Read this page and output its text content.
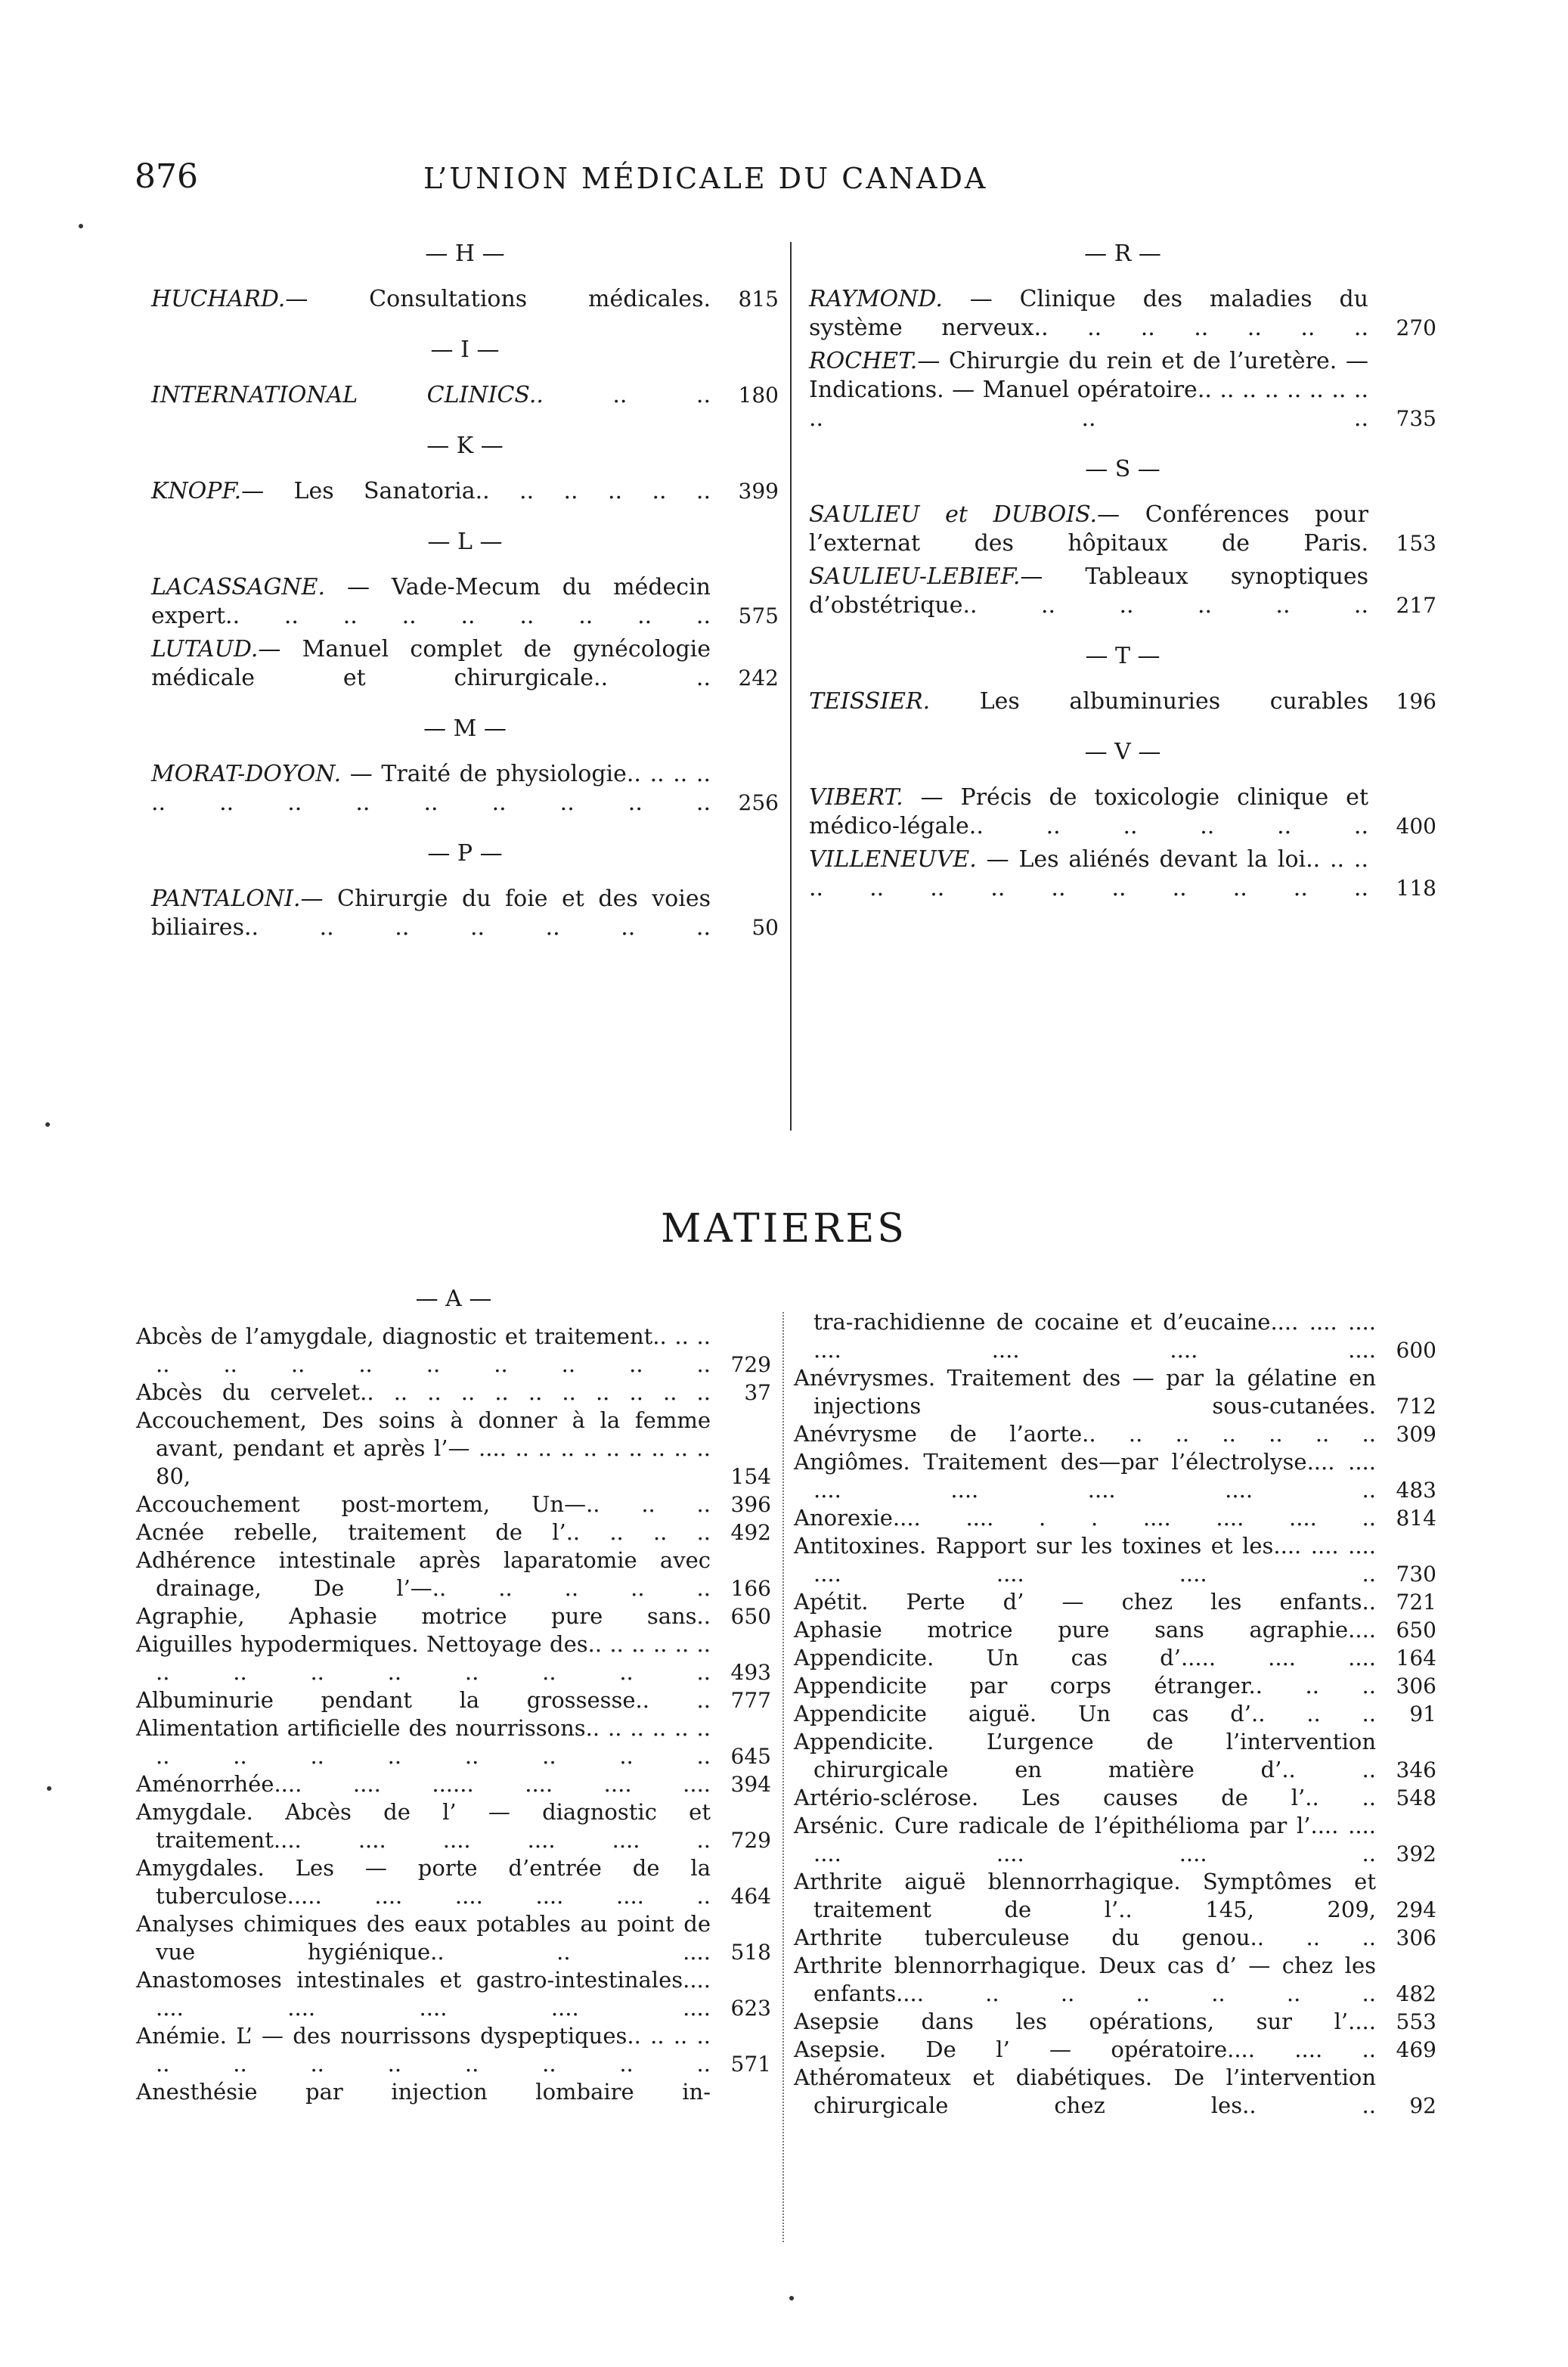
876	L’UNION MÉDICALE DU CANADA
— H —
HUCHARD.— Consultations médicales.	815
— I —
INTERNATIONAL CLINICS.. .. ..	180
— K —
KNOPF.— Les Sanatoria.. .. .. .. .. ..	399
— L —
LACASSAGNE. — Vade-Mecum du médecin expert.. .. .. .. .. .. .. .. ..	575
LUTAUD.— Manuel complet de gynécologie médicale et chirurgicale.. ..	242
— M —
MORAT-DOYON. — Traité de physiologie.. .. .. .. .. .. .. .. .. .. .. .. ..	256
— P —
PANTALONI.— Chirurgie du foie et des voies biliaires.. .. .. .. .. .. ..	50
— R —
RAYMOND. — Clinique des maladies du système nerveux.. .. .. .. .. .. ..	270
ROCHET.— Chirurgie du rein et de l’uretère. — Indications. — Manuel opératoire.. .. .. .. .. .. .. .. .. .. ..	735
— S —
SAULIEU et DUBOIS.— Conférences pour l’externat des hôpitaux de Paris.	153
SAULIEU-LEBIEF.— Tableaux synoptiques d’obstétrique.. .. .. .. .. ..	217
— T —
TEISSIER. Les albuminuries curables	196
— V —
VIBERT. — Précis de toxicologie clinique et médico-légale.. .. .. .. .. ..	400
VILLENEUVE. — Les aliénés devant la loi.. .. .. .. .. .. .. .. .. .. .. .. ..	118
MATIERES
— A —
Abcès de l’amygdale, diagnostic et traitement.. .. .. .. .. .. .. .. .. .. .. .. 729
Abcès du cervelet.. .. .. .. .. .. .. .. .. .. ..	37
Accouchement, Des soins à donner à la femme avant, pendant et après l’— .... .. .. .. .. .. .. .. .. .. 80,	154
Accouchement post-mortem, Un—.. .. .. 396
Acnée rebelle, traitement de l’.. .. .. .. 492
Adhérence intestinale après laparatomie avec drainage, De l’—.. .. .. .. .. 166
Agraphie, Aphasie motrice pure sans.. 650
Aiguilles hypodermiques. Nettoyage des.. .. .. .. .. .. .. .. .. .. .. .. .. .. 493
Albuminurie pendant la grossesse.. .. 777
Alimentation artificielle des nourrissons.. .. .. .. .. .. .. .. .. .. .. .. .. .. 645
Aménorrhée.... .... ...... .... .... .... 394
Amygdale. Abcès de l’ — diagnostic et traitement.... .... .... .... .... .. 729
Amygdales. Les — porte d’entrée de la tuberculose..... .... .... .... .... .. 464
Analyses chimiques des eaux potables au point de vue hygiénique.. .. .... 518
Anastomoses intestinales et gastro-intestinales.... .... .... .... .... .... 623
Anémie. L’ — des nourrissons dyspeptiques.. .. .. .. .. .. .. .. .. .. .. .. 571
Anesthésie par injection lombaire in-
tra-rachidienne de cocaine et d’eucaine.... .... .... .... .... .... .... 600
Anévrysmes. Traitement des — par la gélatine en injections sous-cutanées. 712
Anévrysme de l’aorte.. .. .. .. .. .. .. 309
Angiômes. Traitement des—par l’électrolyse.... .... .... .... .... .... .. 483
Anorexie.... .... . . .... .... .... .. 814
Antitoxines. Rapport sur les toxines et les.... .... .... .... .... .... .. 730
Apétit. Perte d’ — chez les enfants.. 721
Aphasie motrice pure sans agraphie.... 650
Appendicite. Un cas d’..... .... .... 164
Appendicite par corps étranger.. .. .. 306
Appendicite aiguë. Un cas d’.. .. ..	91
Appendicite. L’urgence de l’intervention chirurgicale en matière d’.. .. 346
Artério-sclérose. Les causes de l’.. .. 548
Arsénic. Cure radicale de l’épithélioma par l’.... .... .... .... .... .. 392
Arthrite aiguë blennorrhagique. Symptômes et traitement de l’.. 145, 209, 294
Arthrite tuberculeuse du genou.. .. .. 306
Arthrite blennorrhagique. Deux cas d’ — chez les enfants.... .. .. .. .. .. .. 482
Asepsie dans les opérations, sur l’.... 553
Asepsie. De l’ — opératoire.... .... .. 469
Athéromateux et diabétiques. De l’intervention chirurgicale chez les.. ..	92
